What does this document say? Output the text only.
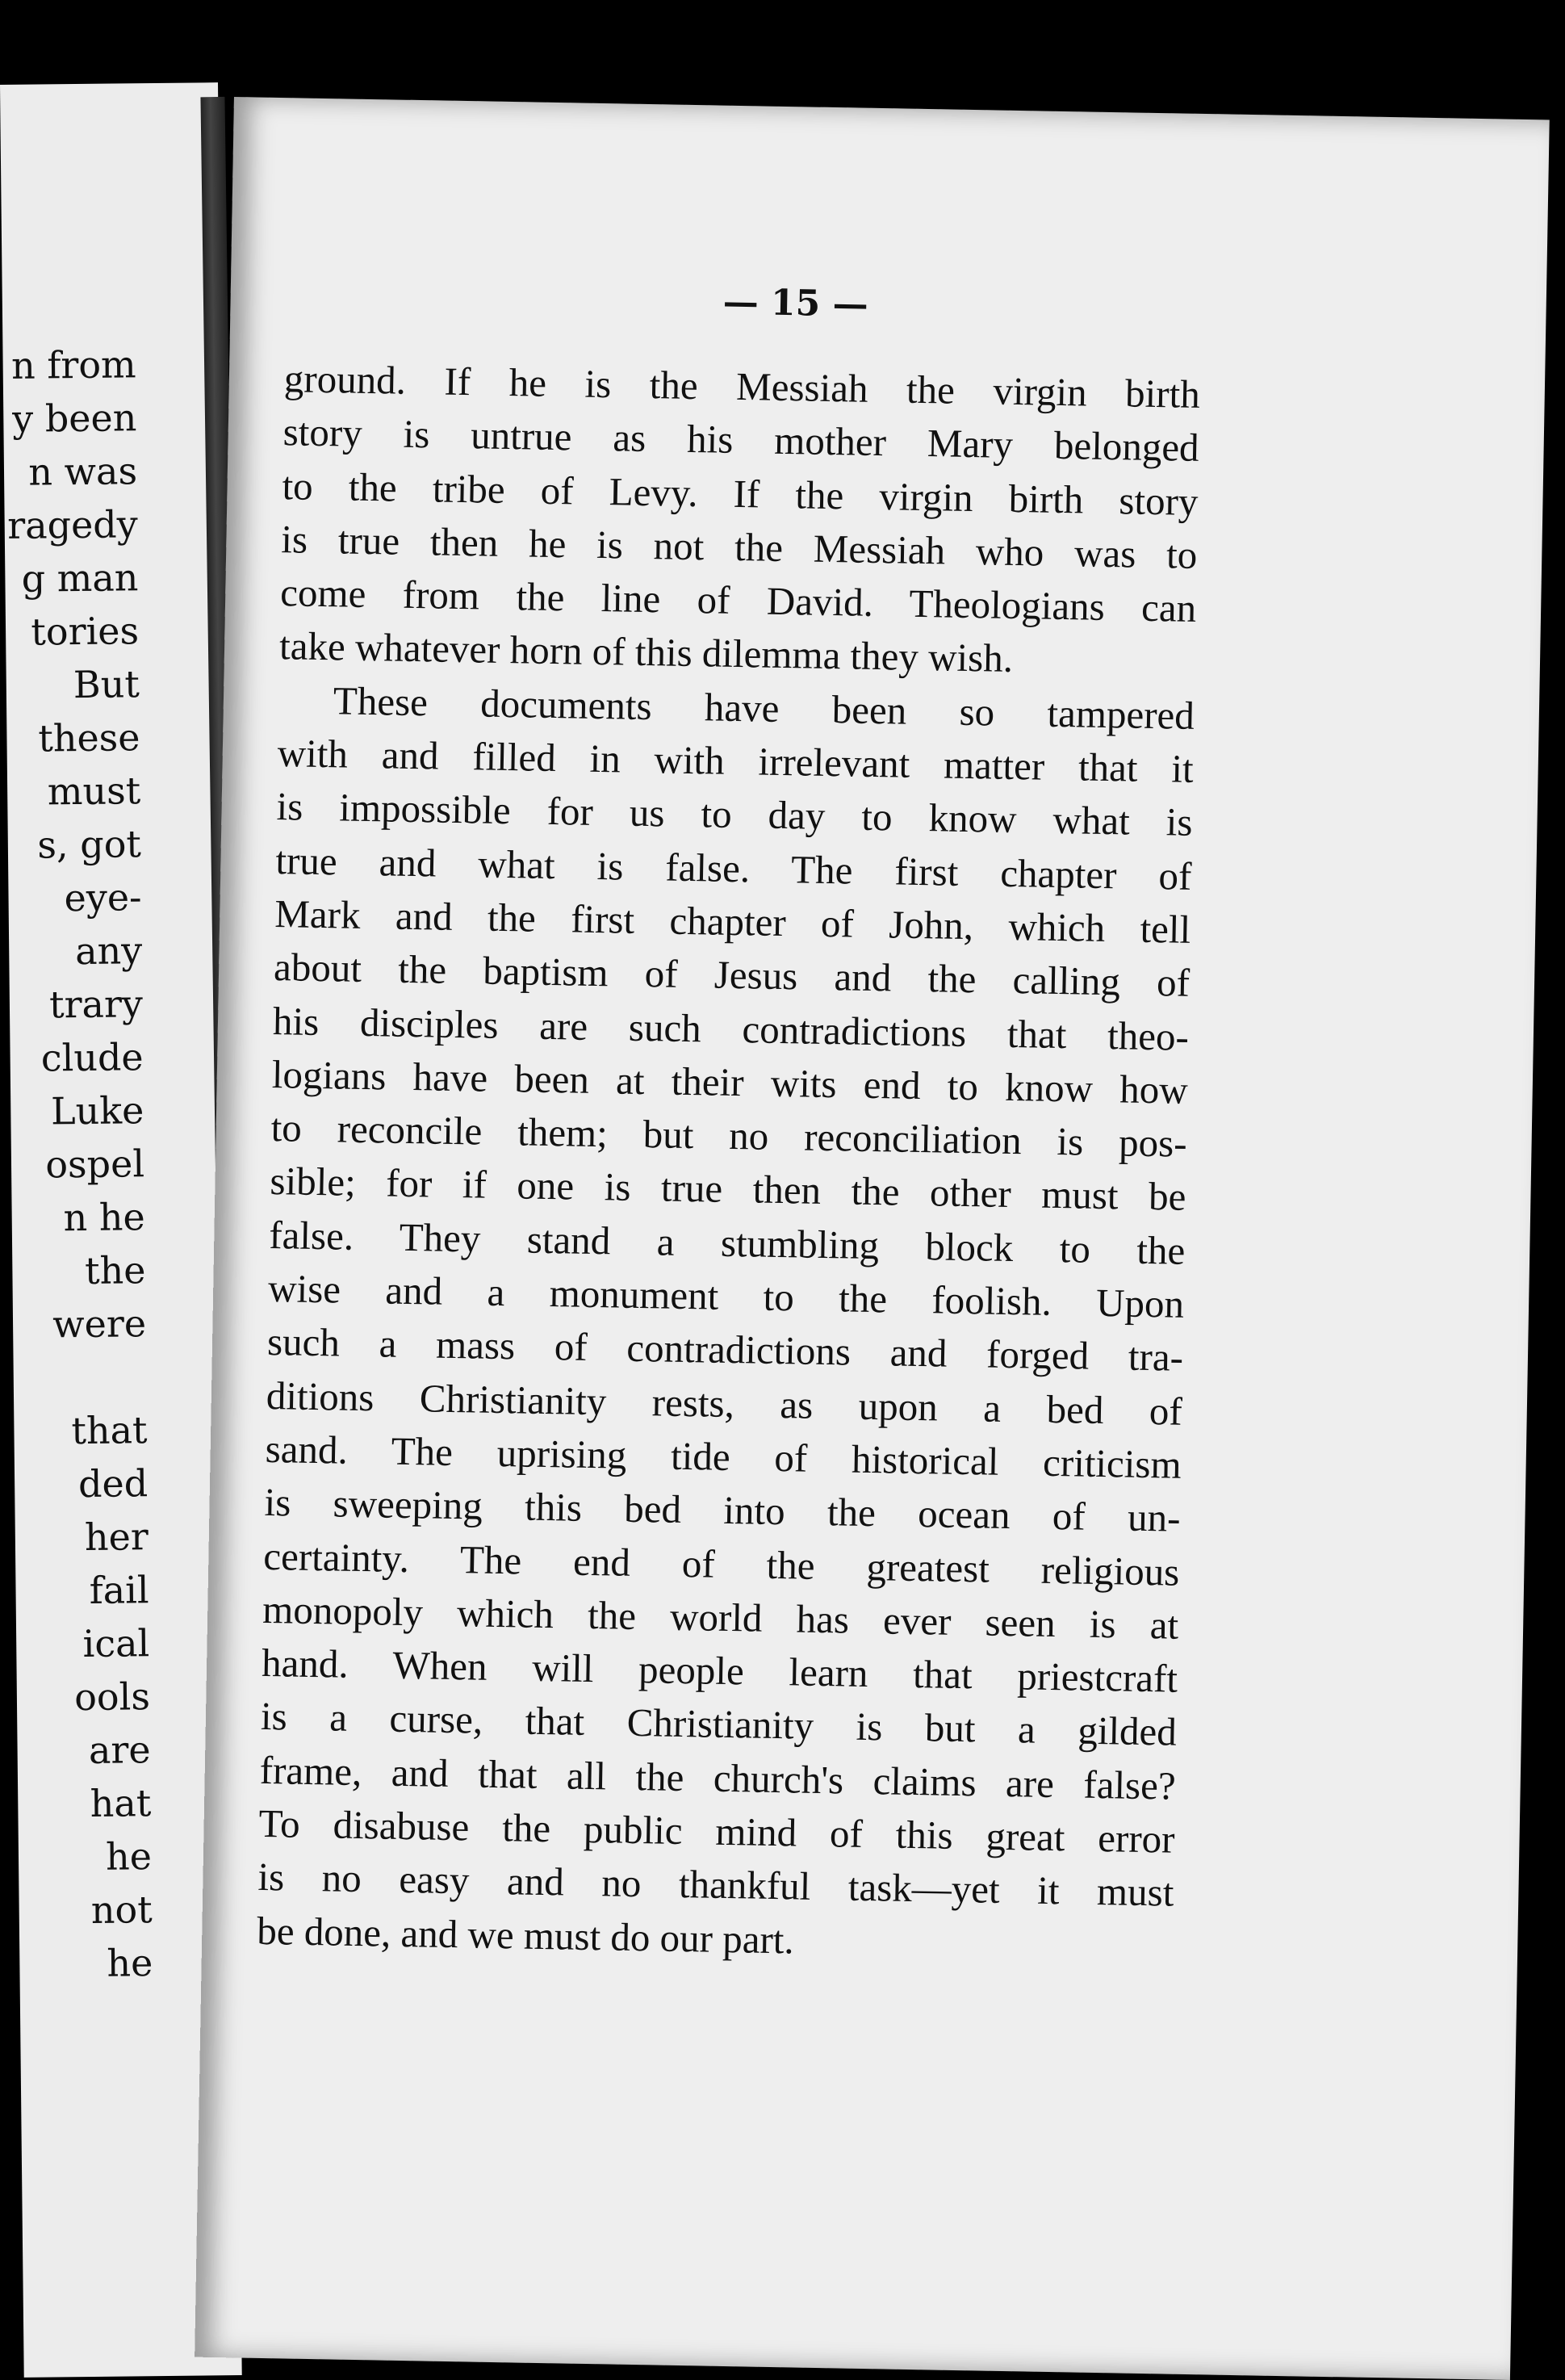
n from
y been
n was
ragedy
g man
tories
But
these
must
s, got
eye-
any
trary
clude
Luke
ospel
n he
the
were
that
ded
her
fail
ical
ools
are
hat
he
not
he
— 15 —

ground. If he is the Messiah the virgin birth
story is untrue as his mother Mary belonged
to the tribe of Levy. If the virgin birth story
is true then he is not the Messiah who was to
come from the line of David. Theologians can
take whatever horn of this dilemma they wish.

These documents have been so tampered
with and filled in with irrelevant matter that it
is impossible for us to day to know what is
true and what is false. The first chapter of
Mark and the first chapter of John, which tell
about the baptism of Jesus and the calling of
his disciples are such contradictions that theo-
logians have been at their wits end to know how
to reconcile them; but no reconciliation is pos-
sible; for if one is true then the other must be
false. They stand a stumbling block to the
wise and a monument to the foolish. Upon
such a mass of contradictions and forged tra-
ditions Christianity rests, as upon a bed of
sand. The uprising tide of historical criticism
is sweeping this bed into the ocean of un-
certainty. The end of the greatest religious
monopoly which the world has ever seen is at
hand. When will people learn that priestcraft
is a curse, that Christianity is but a gilded
frame, and that all the church's claims are false?
To disabuse the public mind of this great error
is no easy and no thankful task—yet it must
be done, and we must do our part.
